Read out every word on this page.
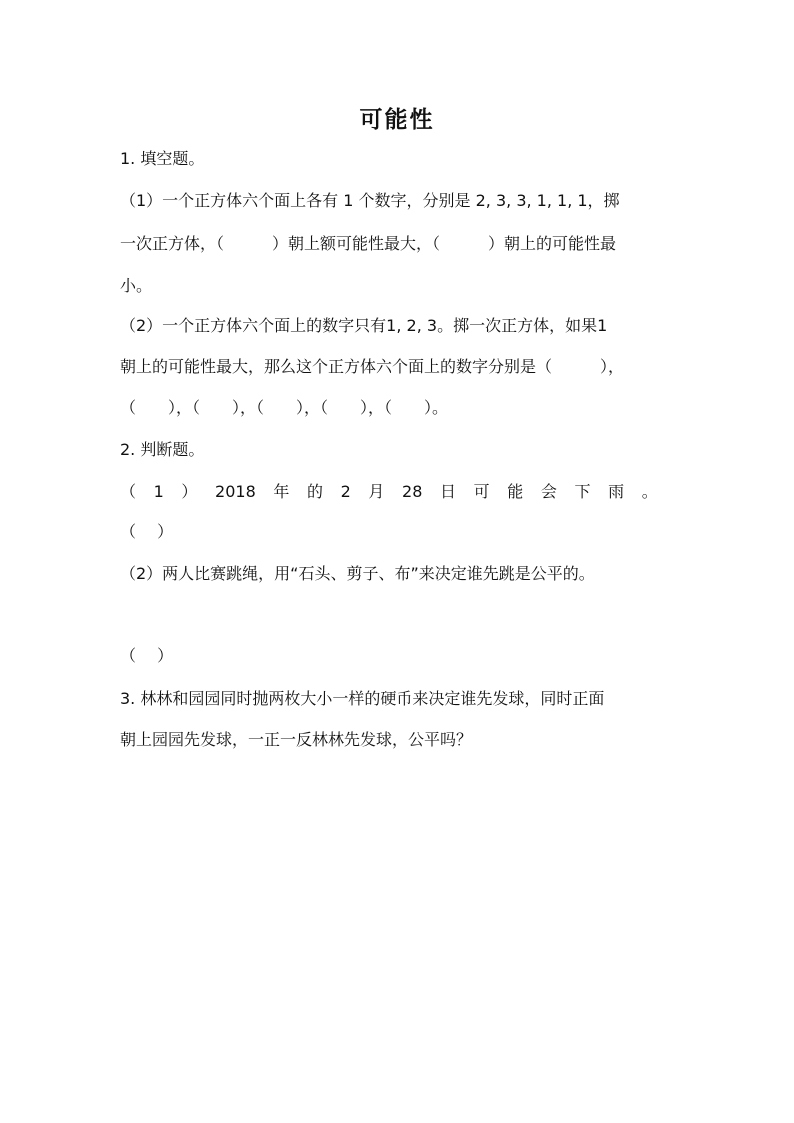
可能性
1. 填空题。
（1）一个正方体六个面上各有 1 个数字，分别是 2, 3, 3, 1, 1, 1，掷
一次正方体，（　　　）朝上额可能性最大，（　　　）朝上的可能性最
小。
（2）一个正方体六个面上的数字只有1, 2, 3。掷一次正方体，如果1
朝上的可能性最大，那么这个正方体六个面上的数字分别是（　　　），
（　　），（　　），（　　），（　　），（　　）。
2. 判断题。
（ 1 ） 2018 年 的 2 月 28 日 可 能 会 下 雨 。
（　 ）
（2）两人比赛跳绳，用“石头、剪子、布”来决定谁先跳是公平的。
（　 ）
3. 林林和园园同时抛两枚大小一样的硬币来决定谁先发球，同时正面
朝上园园先发球，一正一反林林先发球，公平吗？
